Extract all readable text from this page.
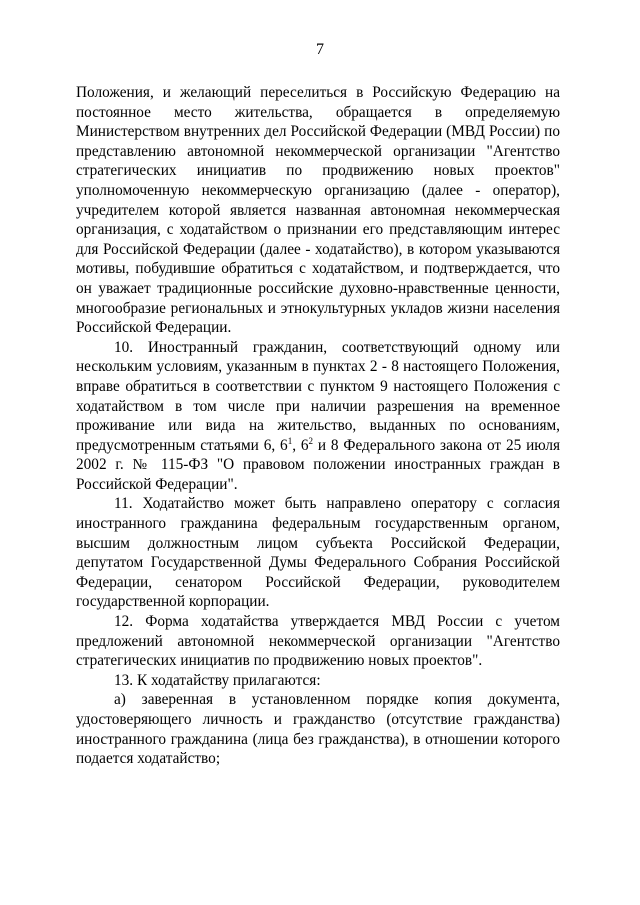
7

Положения, и желающий переселиться в Российскую Федерацию на постоянное место жительства, обращается в определяемую Министерством внутренних дел Российской Федерации (МВД России) по представлению автономной некоммерческой организации "Агентство стратегических инициатив по продвижению новых проектов" уполномоченную некоммерческую организацию (далее - оператор), учредителем которой является названная автономная некоммерческая организация, с ходатайством о признании его представляющим интерес для Российской Федерации (далее - ходатайство), в котором указываются мотивы, побудившие обратиться с ходатайством, и подтверждается, что он уважает традиционные российские духовно-нравственные ценности, многообразие региональных и этнокультурных укладов жизни населения Российской Федерации.

10. Иностранный гражданин, соответствующий одному или нескольким условиям, указанным в пунктах 2 - 8 настоящего Положения, вправе обратиться в соответствии с пунктом 9 настоящего Положения с ходатайством в том числе при наличии разрешения на временное проживание или вида на жительство, выданных по основаниям, предусмотренным статьями 6, $6^1$, $6^2$ и 8 Федерального закона от 25 июля 2002 г. № 115-ФЗ "О правовом положении иностранных граждан в Российской Федерации".

11. Ходатайство может быть направлено оператору с согласия иностранного гражданина федеральным государственным органом, высшим должностным лицом субъекта Российской Федерации, депутатом Государственной Думы Федерального Собрания Российской Федерации, сенатором Российской Федерации, руководителем государственной корпорации.

12. Форма ходатайства утверждается МВД России с учетом предложений автономной некоммерческой организации "Агентство стратегических инициатив по продвижению новых проектов".

13. К ходатайству прилагаются:

а) заверенная в установленном порядке копия документа, удостоверяющего личность и гражданство (отсутствие гражданства) иностранного гражданина (лица без гражданства), в отношении которого подается ходатайство;
